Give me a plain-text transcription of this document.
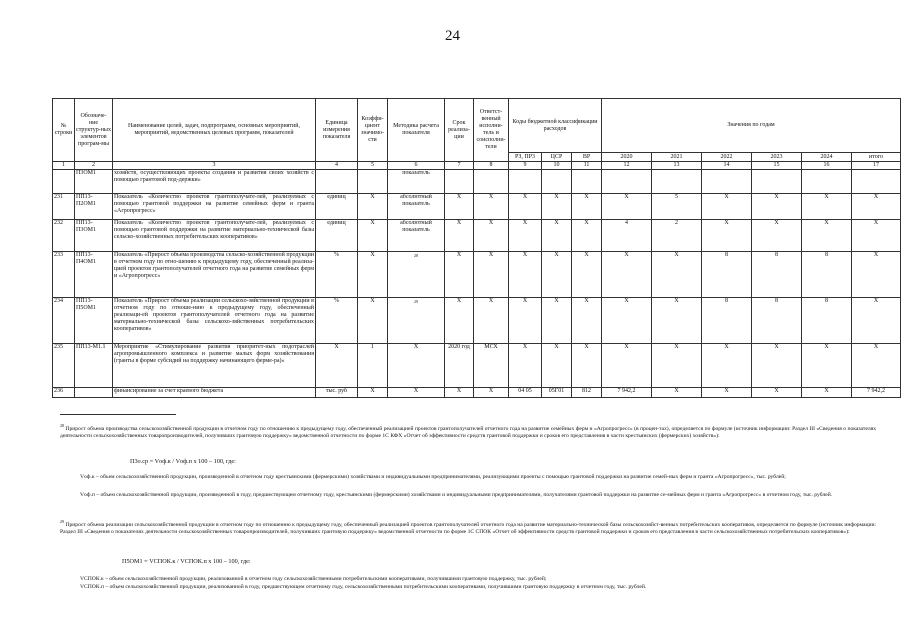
24
№ строки	Обозначе-ние структур-ных элементов програм-мы	Наименование целей, задач, подпрограмм, основных мероприятий, мероприятий, ведомственных целевых программ, показателей	Единица измерения показателя	Коэффи-циент значимо-сти	Методика расчета показателя	Срок реализа-ции	Ответст-венный исполни-тель и соисполни-тели	Коды бюджетной классификации расходов			Значения по годам					
								РЗ, ПР3	ЦСР	ВР	2020	2021	2022	2023	2024	итого
1	2	3	4	5	6	7	8	9	10	11	12	13	14	15	16	17
	П3ОМ1	хозяйств, осуществляющих проекты создания и развития своих хозяйств с помощью грантовой под-держки»			показатель											
231	ПП13-П2ОМ1	Показатель «Количество проектов грантополучате-лей, реализуемых с помощью грантовой поддержки на развитие семейных ферм и гранта «Агропрогресс»	единиц	X	абсолютный показатель	X	X	X	X	X	X	5	X	X	X	X
232	ПП13-П3ОМ1	Показатель «Количество проектов грантополучате-лей, реализуемых с помощью грантовой поддержки на развитие материально-технической базы сельско-хозяйственных потребительских кооперативов»	единиц	X	абсолютный показатель	X	X	X	X	X	4	2	X	X	X	X
233	ПП13-П4ОМ1	Показатель «Прирост объема производства сельско-хозяйственной продукции в отчетном году по отно-шению к предыдущему году, обеспеченный реализа-цией проектов грантополучателей отчетного года на развитие семейных ферм и «Агропрогресс»	%	X	$^{28}$	X	X	X	X	X	X	X	8	8	8	X
234	ПП13-П5ОМ1	Показатель «Прирост объема реализации сельскохо-зяйственной продукции в отчетном году по отноше-нию к предыдущему году, обеспеченный реализаци-ей проектов грантополучателей отчетного года на развитие материально-технической базы сельскохо-зяйственных потребительских кооперативов»	%	X	$^{29}$	X	X	X	X	X	X	X	8	8	8	X
235	ПП13-М1.1	Мероприятие «Стимулирование развития приоритет-ных подотраслей агропромышленного комплекса и развитие малых форм хозяйствования (гранты в форме субсидий на поддержку начинающего ферме-ра)»	X	1	X	2020 год	МСХ	X	X	X	X	X	X	X	X	X
236		финансирование за счет краевого бюджета	тыс. руб	X	X	X	X	04 05	05Г01	812	7 942,2	X	X	X	X	7 942,2
$^{28}$ Прирост объема производства сельскохозяйственной продукции в отчетном году по отношению к предыдущему году, обеспеченный реализацией проектов грантополучателей отчетного года на развитие семейных ферм и «Агропрогресс» (в процен-тах), определяется по формуле (источник информации: Раздел III «Сведения о показателях деятельности сельскохозяйственных товаропроизводителей, получивших грантовую поддержку» ведомственной отчетности по форме 1С КФХ «Отчет об эффективности средств грантовой поддержки и сроков его представления в части крестьянских (фермерских) хозяйств»):
П3о.ср = Vоф.к / Vоф.п x 100 – 100, где:
Vоф.к – объем сельскохозяйственной продукции, произведенной в отчетном году крестьянскими (фермерскими) хозяйствами и индивидуальными предпринимателями, реализующими проекты с помощью грантовой поддержки на развитие семей-ных ферм и гранта «Агропрогресс», тыс. рублей;
Vоф.п – объем сельскохозяйственной продукции, произведенной в году, предшествующем отчетному году, крестьянскими (фермерскими) хозяйствами и индивидуальными предпринимателями, получателями грантовой поддержки на развитие се-мейных ферм и гранта «Агропрогресс» в отчетном году, тыс. рублей.
$^{29}$ Прирост объема реализации сельскохозяйственной продукции в отчетном году по отношению к предыдущему году, обеспеченный реализацией проектов грантополучателей отчетного года на развитие материально-технической базы сельскохозяйст-венных потребительских кооперативов, определяется по формуле (источник информации: Раздел III «Сведения о показателях деятельности сельскохозяйственных товаропроизводителей, получивших грантовую поддержку» ведомственной отчетности по форме 1С СПОК «Отчет об эффективности средств грантовой поддержки и сроков его представления в части сельскохозяйственных потребительских кооперативов»):
П5ОМ1 = VСПОК.к / VСПОК.п x 100 – 100, где:
VСПОК.к – объем сельскохозяйственной продукции, реализованной в отчетном году сельскохозяйственными потребительскими кооперативами, получившими грантовую поддержку, тыс. рублей;
VСПОК.п – объем сельскохозяйственной продукции, реализованной в году, предшествующем отчетному году, сельскохозяйственными потребительскими кооперативами, получившими грантовую поддержку в отчетном году, тыс. рублей.
